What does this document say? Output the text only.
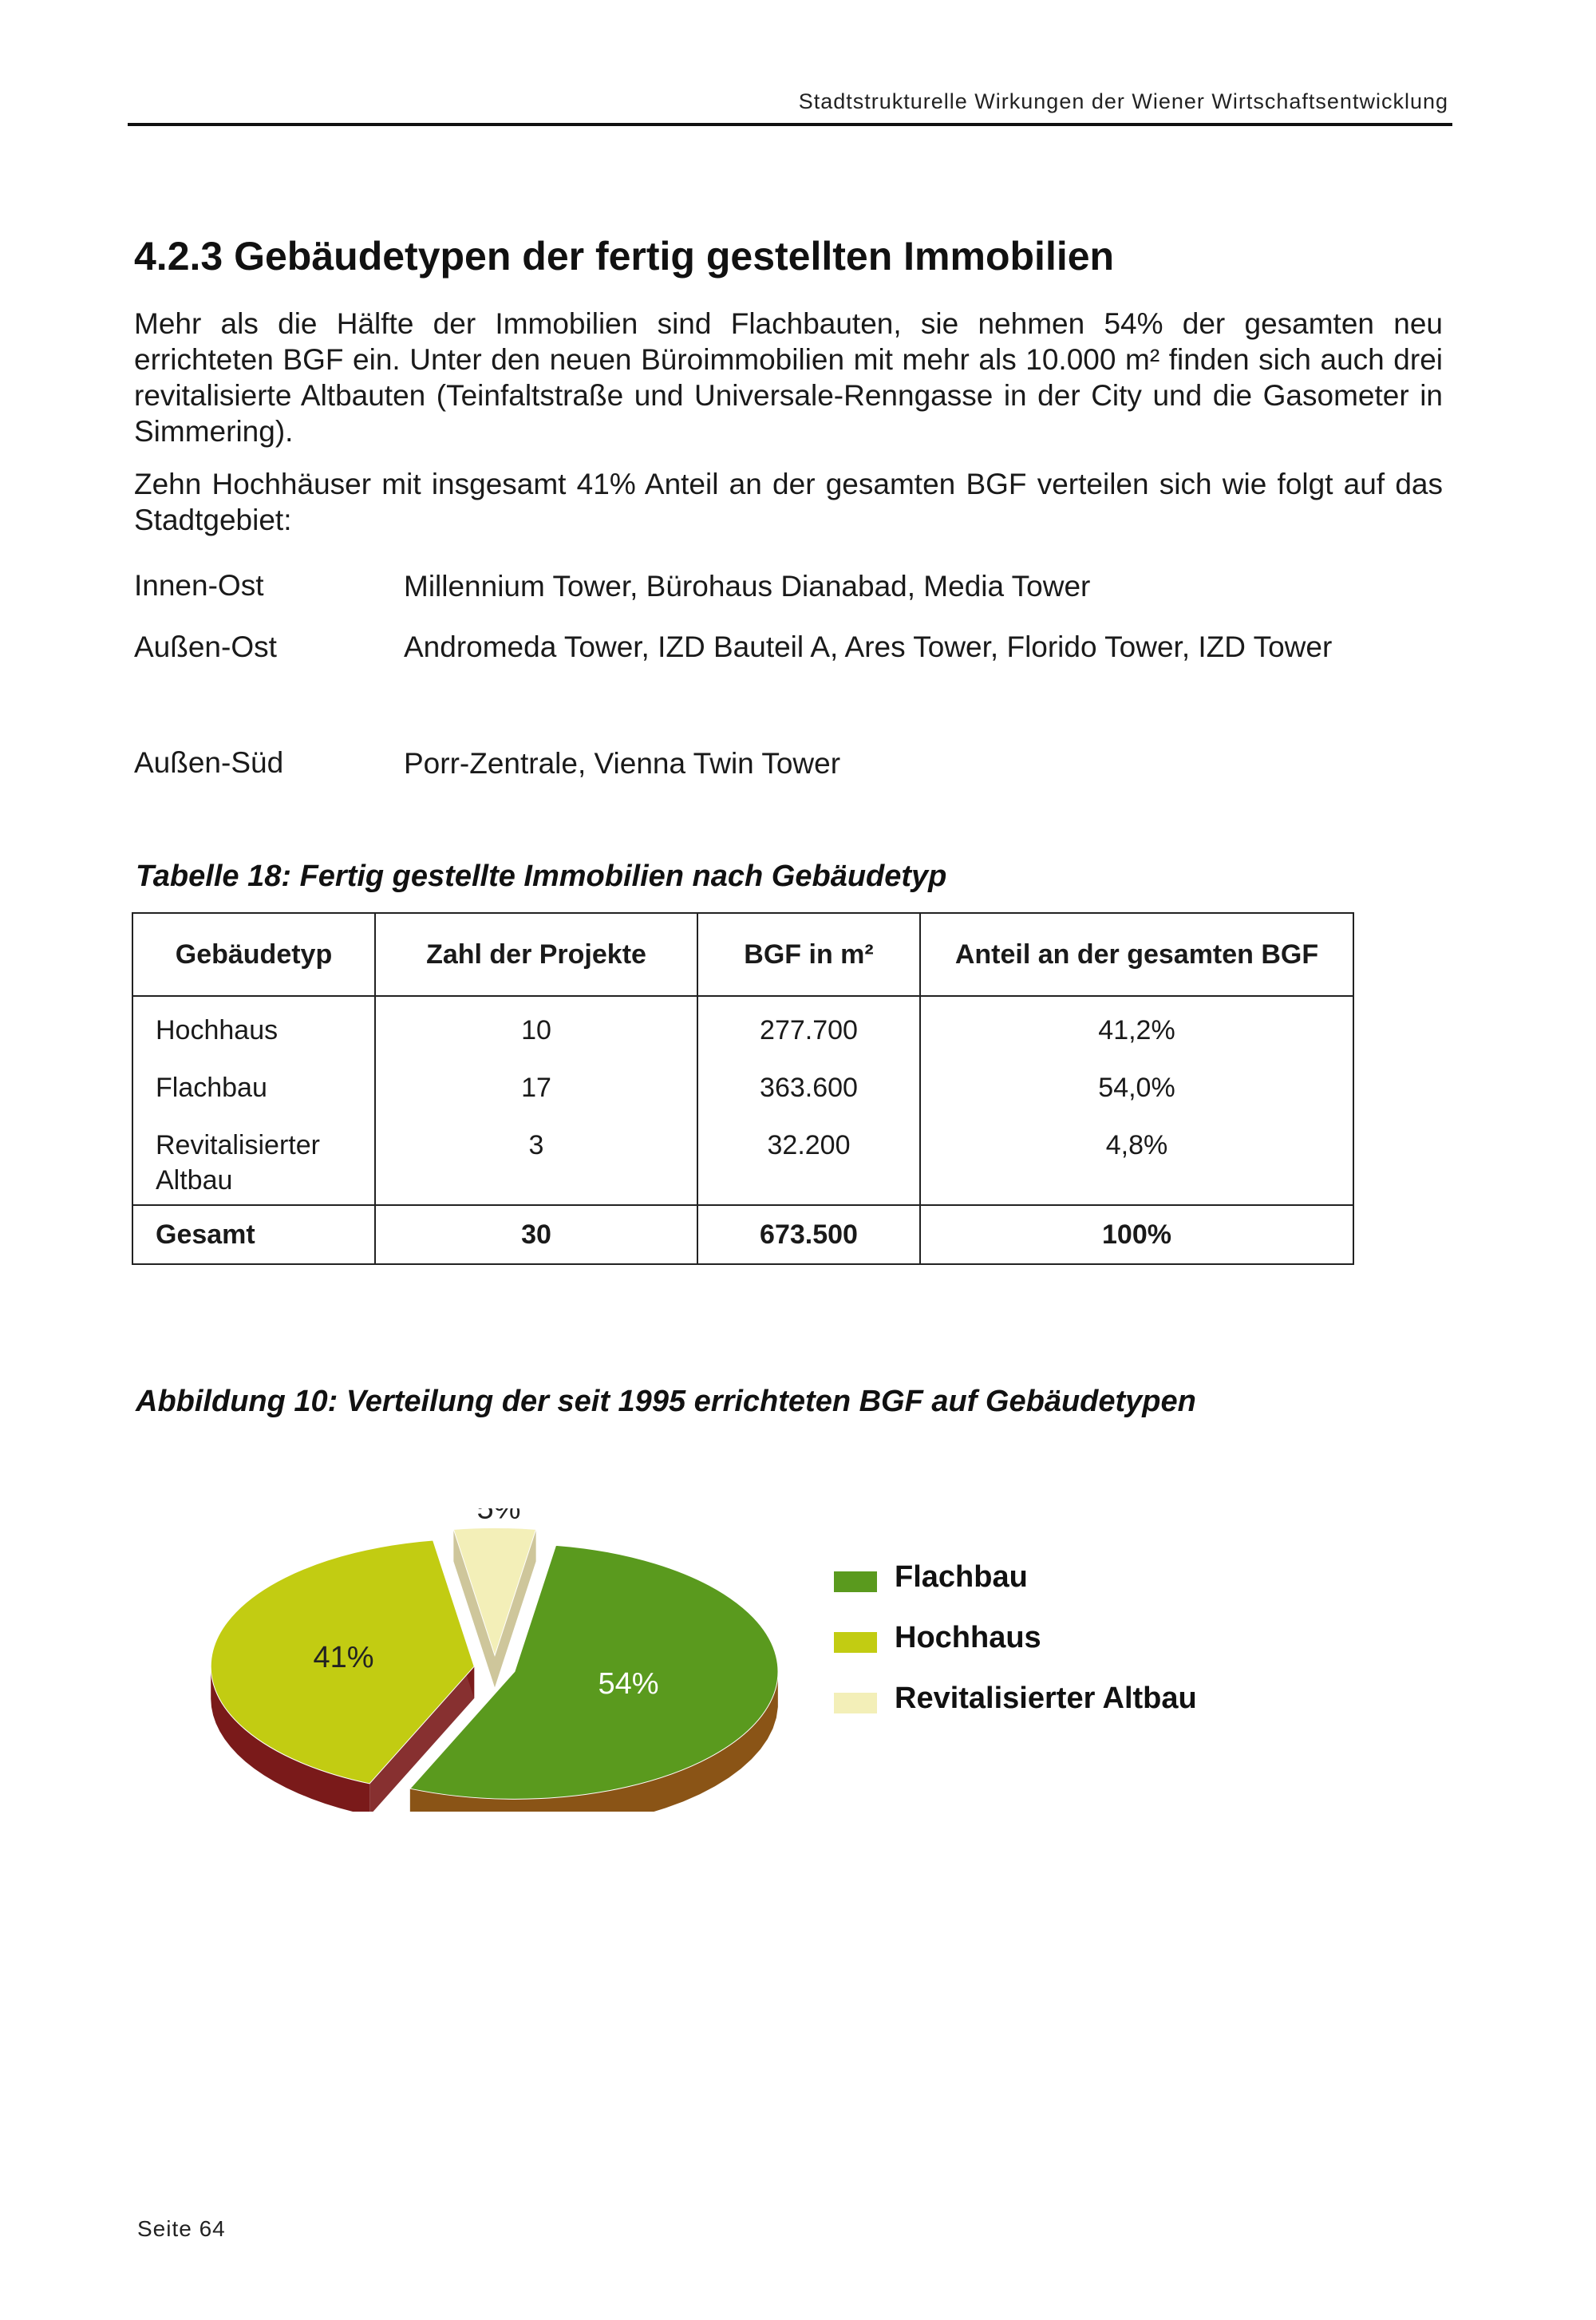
Stadtstrukturelle Wirkungen der Wiener Wirtschaftsentwicklung
4.2.3 Gebäudetypen der fertig gestellten Immobilien

Mehr als die Hälfte der Immobilien sind Flachbauten, sie nehmen 54% der gesamten neu errichteten BGF ein. Unter den neuen Büroimmobilien mit mehr als 10.000 m² finden sich auch drei revitalisierte Altbauten (Teinfaltstraße und Universale-Renngasse in der City und die Gasometer in Simmering).

Zehn Hochhäuser mit insgesamt 41% Anteil an der gesamten BGF verteilen sich wie folgt auf das Stadtgebiet:

Innen-Ost	Millennium Tower, Bürohaus Dianabad, Media Tower
Außen-Ost	Andromeda Tower, IZD Bauteil A, Ares Tower, Florido Tower, IZD Tower
Außen-Süd	Porr-Zentrale, Vienna Twin Tower

Tabelle 18: Fertig gestellte Immobilien nach Gebäudetyp

Gebäudetyp	Zahl der Projekte	BGF in m²	Anteil an der gesamten BGF
Hochhaus	10	277.700	41,2%
Flachbau	17	363.600	54,0%
Revitalisierter Altbau	3	32.200	4,8%
Gesamt	30	673.500	100%

Abbildung 10: Verteilung der seit 1995 errichteten BGF auf Gebäudetypen

5%
54%
41%
Flachbau
Hochhaus
Revitalisierter Altbau
Seite 64
